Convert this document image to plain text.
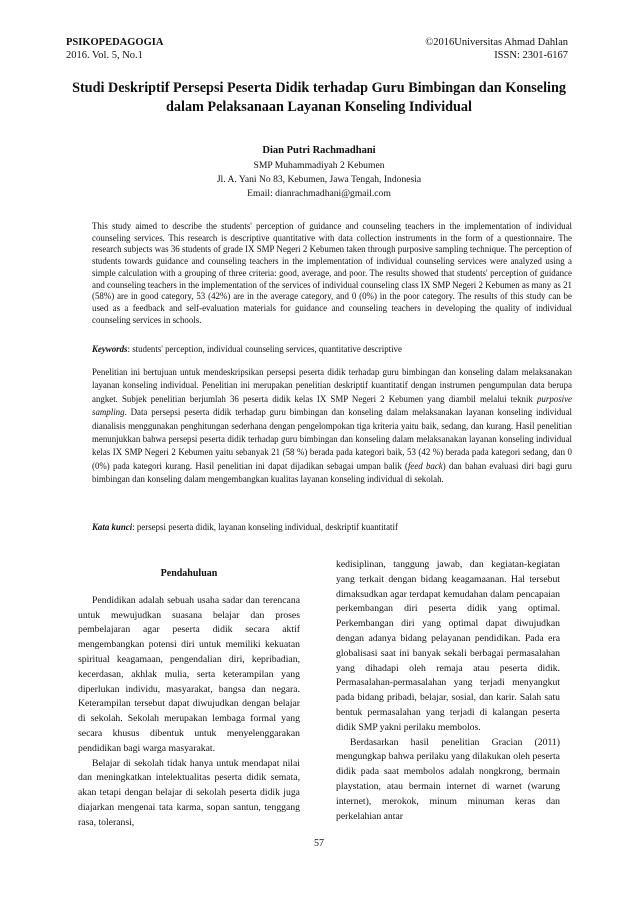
PSIKOPEDAGOGIA
2016. Vol. 5, No.1
©2016Universitas Ahmad Dahlan
ISSN: 2301-6167
Studi Deskriptif Persepsi Peserta Didik terhadap Guru Bimbingan dan Konseling
dalam Pelaksanaan Layanan Konseling Individual
Dian Putri Rachmadhani
SMP Muhammadiyah 2 Kebumen
Jl. A. Yani No 83, Kebumen, Jawa Tengah, Indonesia
Email: dianrachmadhani@gmail.com
This study aimed to describe the students' perception of guidance and counseling teachers in the implementation of individual counseling services. This research is descriptive quantitative with data collection instruments in the form of a questionnaire. The research subjects was 36 students of grade IX SMP Negeri 2 Kebumen taken through purposive sampling technique. The perception of students towards guidance and counseling teachers in the implementation of individual counseling services were analyzed using a simple calculation with a grouping of three criteria: good, average, and poor. The results showed that students' perception of guidance and counseling teachers in the implementation of the services of individual counseling class IX SMP Negeri 2 Kebumen as many as 21 (58%) are in good category, 53 (42%) are in the average category, and 0 (0%) in the poor category. The results of this study can be used as a feedback and self-evaluation materials for guidance and counseling teachers in developing the quality of individual counseling services in schools.
Keywords: students' perception, individual counseling services, quantitative descriptive
Penelitian ini bertujuan untuk mendeskripsikan persepsi peserta didik terhadap guru bimbingan dan konseling dalam melaksanakan layanan konseling individual. Penelitian ini merupakan penelitian deskriptif kuantitatif dengan instrumen pengumpulan data berupa angket. Subjek penelitian berjumlah 36 peserta didik kelas IX SMP Negeri 2 Kebumen yang diambil melalui teknik purposive sampling. Data persepsi peserta didik terhadap guru bimbingan dan konseling dalam melaksanakan layanan konseling individual dianalisis menggunakan penghitungan sederhana dengan pengelompokan tiga kriteria yaitu baik, sedang, dan kurang. Hasil penelitian menunjukkan bahwa persepsi peserta didik terhadap guru bimbingan dan konseling dalam melaksanakan layanan konseling individual kelas IX SMP Negeri 2 Kebumen yaitu sebanyak 21 (58 %) berada pada kategori baik, 53 (42 %) berada pada kategori sedang, dan 0 (0%) pada kategori kurang. Hasil penelitian ini dapat dijadikan sebagai umpan balik (feed back) dan bahan evaluasi diri bagi guru bimbingan dan konseling dalam mengembangkan kualitas layanan konseling individual di sekolah.
Kata kunci: persepsi peserta didik, layanan konseling individual, deskriptif kuantitatif

Pendahuluan

Pendidikan adalah sebuah usaha sadar dan terencana untuk mewujudkan suasana belajar dan proses pembelajaran agar peserta didik secara aktif mengembangkan potensi diri untuk memiliki kekuatan spiritual keagamaan, pengendalian diri, kepribadian, kecerdasan, akhlak mulia, serta keterampilan yang diperlukan individu, masyarakat, bangsa dan negara. Keterampilan tersebut dapat diwujudkan dengan belajar di sekolah. Sekolah merupakan lembaga formal yang secara khusus dibentuk untuk menyelenggarakan pendidikan bagi warga masyarakat.

Belajar di sekolah tidak hanya untuk mendapat nilai dan meningkatkan intelektualitas peserta didik semata, akan tetapi dengan belajar di sekolah peserta didik juga diajarkan mengenai tata karma, sopan santun, tenggang rasa, toleransi,

kedisiplinan, tanggung jawab, dan kegiatan-kegiatan yang terkait dengan bidang keagamaanan. Hal tersebut dimaksudkan agar terdapat kemudahan dalam pencapaian perkembangan diri peserta didik yang optimal. Perkembangan diri yang optimal dapat diwujudkan dengan adanya bidang pelayanan pendidikan. Pada era globalisasi saat ini banyak sekali berbagai permasalahan yang dihadapi oleh remaja atau peserta didik. Permasalahan-permasalahan yang terjadi menyangkut pada bidang pribadi, belajar, sosial, dan karir. Salah satu bentuk permasalahan yang terjadi di kalangan peserta didik SMP yakni perilaku membolos.

Berdasarkan hasil penelitian Gracian (2011) mengungkap bahwa perilaku yang dilakukan oleh peserta didik pada saat membolos adalah nongkrong, bermain playstation, atau bermain internet di warnet (warung internet), merokok, minum minuman keras dan perkelahian antar

57
